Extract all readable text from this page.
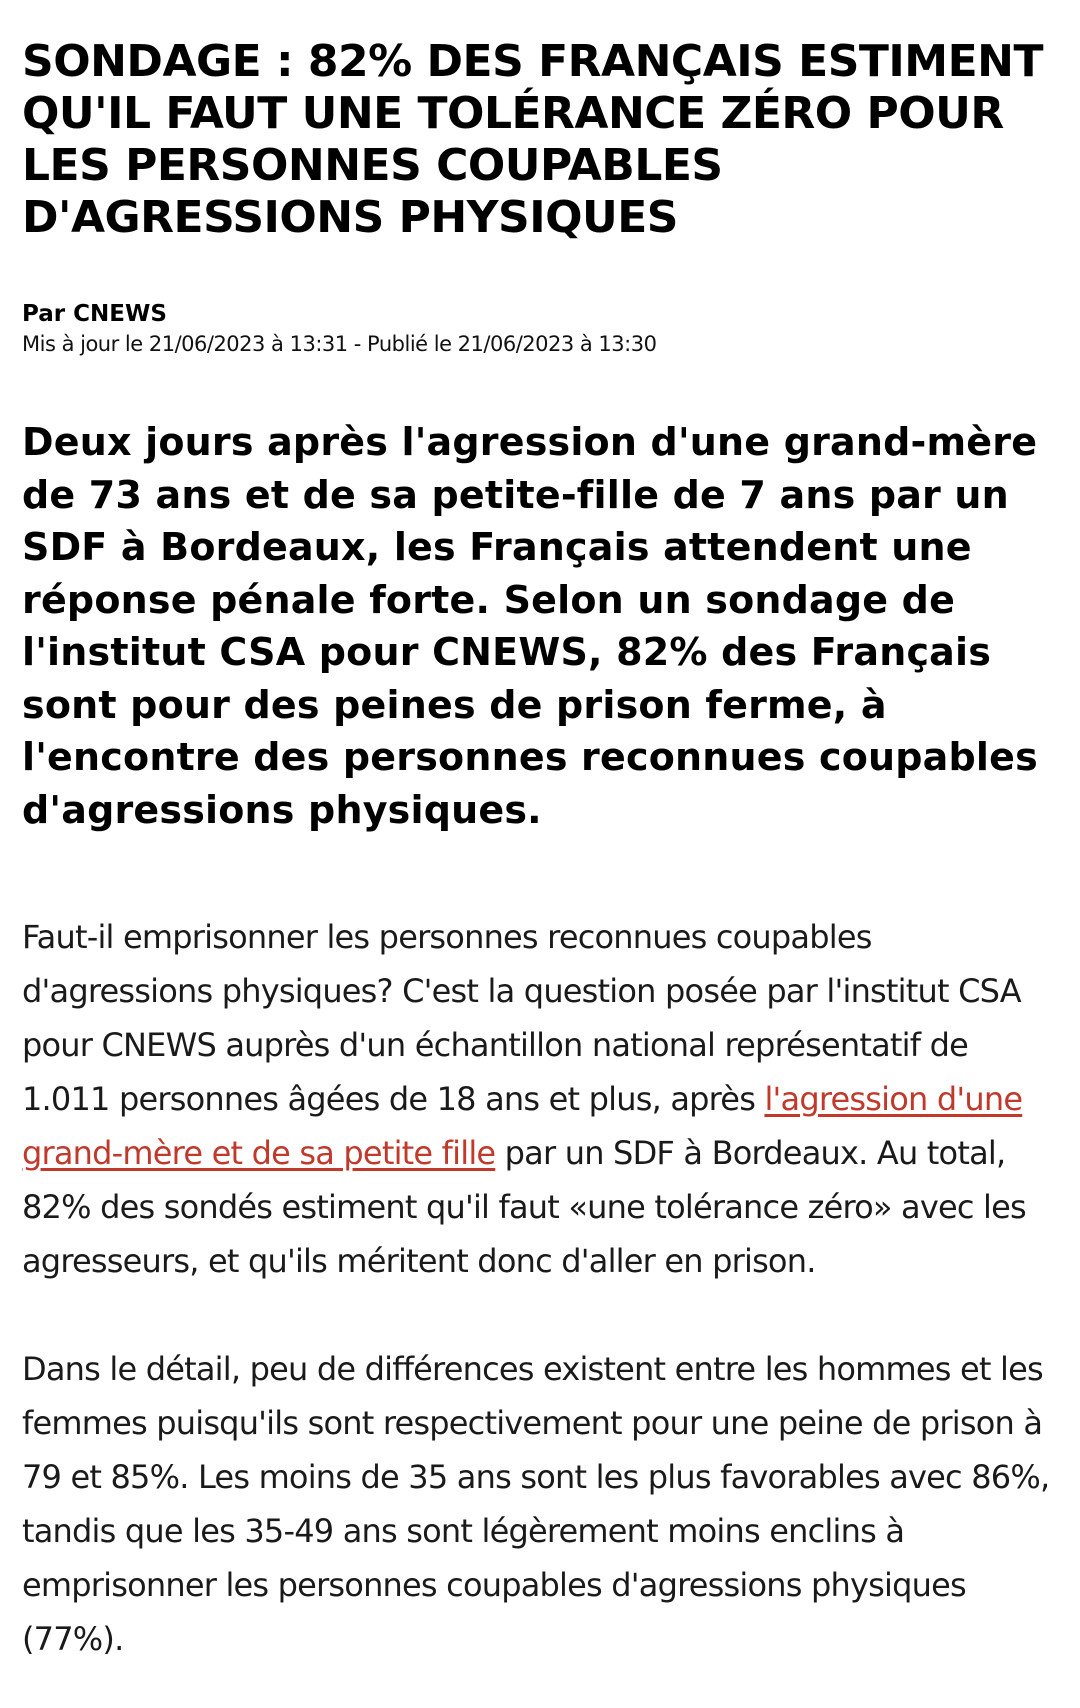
SONDAGE : 82% DES FRANÇAIS ESTIMENT QU'IL FAUT UNE TOLÉRANCE ZÉRO POUR LES PERSONNES COUPABLES D'AGRESSIONS PHYSIQUES
Par CNEWS
Mis à jour le 21/06/2023 à 13:31 - Publié le 21/06/2023 à 13:30

Deux jours après l'agression d'une grand-mère de 73 ans et de sa petite-fille de 7 ans par un SDF à Bordeaux, les Français attendent une réponse pénale forte. Selon un sondage de l'institut CSA pour CNEWS, 82% des Français sont pour des peines de prison ferme, à l'encontre des personnes reconnues coupables d'agressions physiques.

Faut-il emprisonner les personnes reconnues coupables d'agressions physiques? C'est la question posée par l'institut CSA pour CNEWS auprès d'un échantillon national représentatif de 1.011 personnes âgées de 18 ans et plus, après l'agression d'une grand-mère et de sa petite fille par un SDF à Bordeaux. Au total, 82% des sondés estiment qu'il faut «une tolérance zéro» avec les agresseurs, et qu'ils méritent donc d'aller en prison.

Dans le détail, peu de différences existent entre les hommes et les femmes puisqu'ils sont respectivement pour une peine de prison à 79 et 85%. Les moins de 35 ans sont les plus favorables avec 86%, tandis que les 35-49 ans sont légèrement moins enclins à emprisonner les personnes coupables d'agressions physiques (77%).
